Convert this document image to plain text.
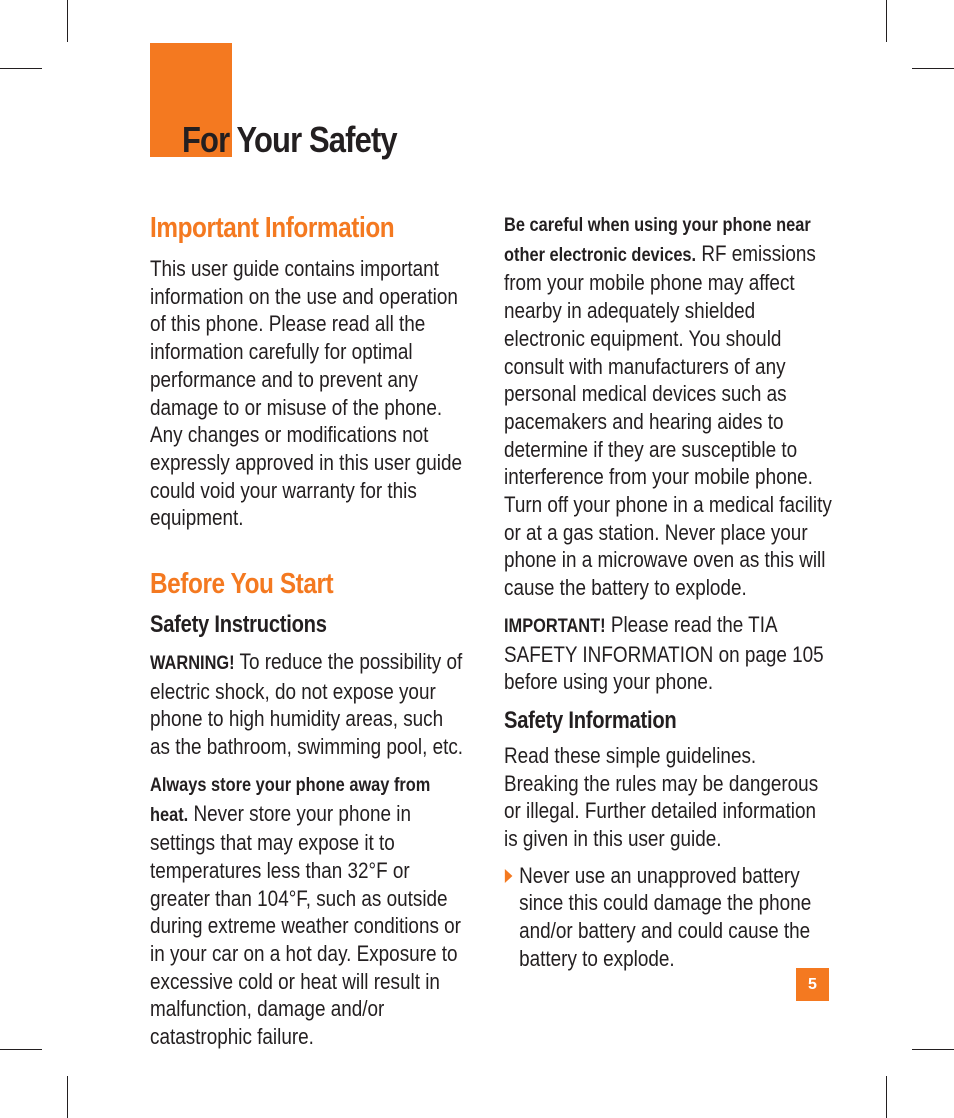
For Your Safety
Important Information

This user guide contains important information on the use and operation of this phone. Please read all the information carefully for optimal performance and to prevent any damage to or misuse of the phone. Any changes or modifications not expressly approved in this user guide could void your warranty for this equipment.

Before You Start
Safety Instructions

WARNING! To reduce the possibility of electric shock, do not expose your phone to high humidity areas, such as the bathroom, swimming pool, etc.

Always store your phone away from heat. Never store your phone in settings that may expose it to temperatures less than 32°F or greater than 104°F, such as outside during extreme weather conditions or in your car on a hot day. Exposure to excessive cold or heat will result in malfunction, damage and/or catastrophic failure.

Be careful when using your phone near other electronic devices. RF emissions from your mobile phone may affect nearby in adequately shielded electronic equipment. You should consult with manufacturers of any personal medical devices such as pacemakers and hearing aides to determine if they are susceptible to interference from your mobile phone. Turn off your phone in a medical facility or at a gas station. Never place your phone in a microwave oven as this will cause the battery to explode.

IMPORTANT! Please read the TIA SAFETY INFORMATION on page 105 before using your phone.

Safety Information

Read these simple guidelines. Breaking the rules may be dangerous or illegal. Further detailed information is given in this user guide.

Never use an unapproved battery since this could damage the phone and/or battery and could cause the battery to explode.

5
